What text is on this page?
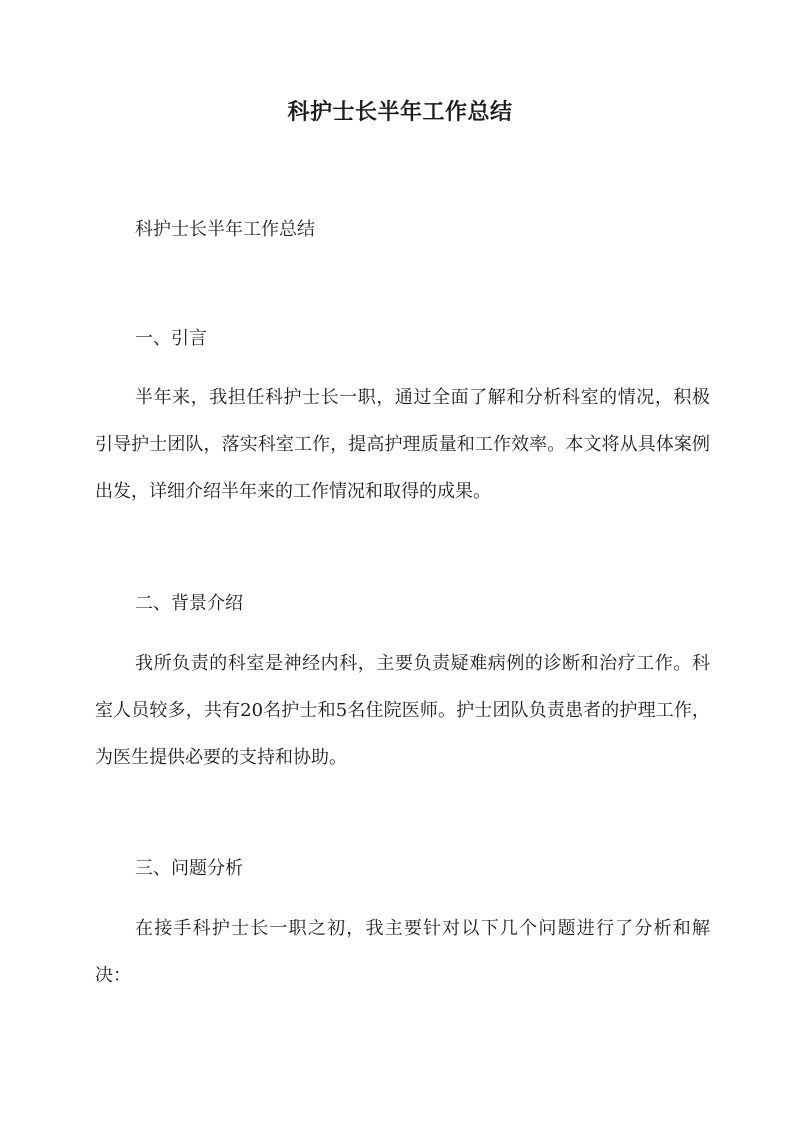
科护士长半年工作总结
科护士长半年工作总结
一、引言

半年来，我担任科护士长一职，通过全面了解和分析科室的情况，积极引导护士团队，落实科室工作，提高护理质量和工作效率。本文将从具体案例出发，详细介绍半年来的工作情况和取得的成果。

二、背景介绍

我所负责的科室是神经内科，主要负责疑难病例的诊断和治疗工作。科室人员较多，共有20名护士和5名住院医师。护士团队负责患者的护理工作，为医生提供必要的支持和协助。

三、问题分析

在接手科护士长一职之初，我主要针对以下几个问题进行了分析和解决：
